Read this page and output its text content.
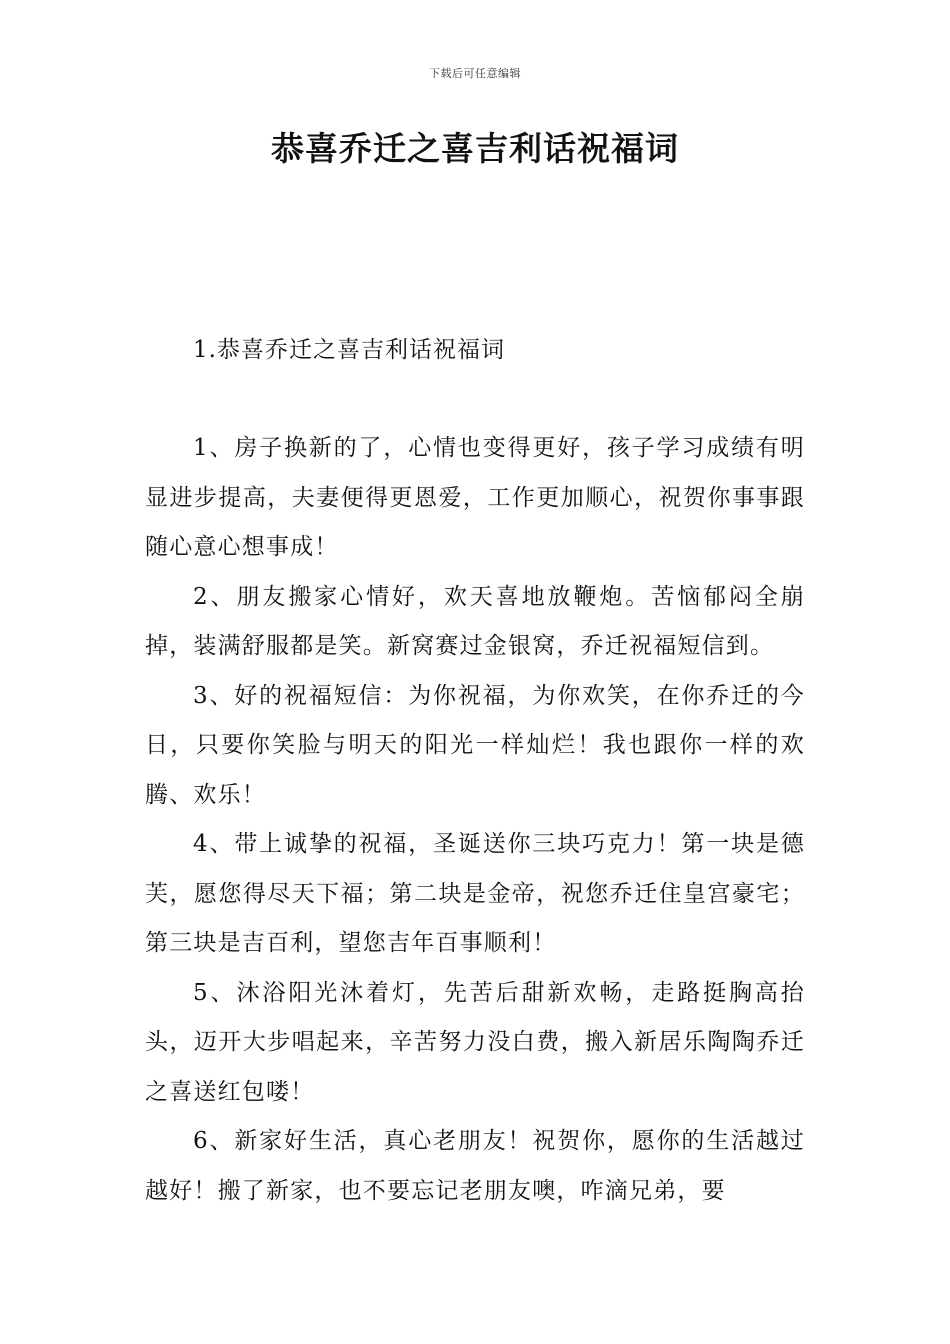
下载后可任意编辑
恭喜乔迁之喜吉利话祝福词
1.恭喜乔迁之喜吉利话祝福词

1、房子换新的了，心情也变得更好，孩子学习成绩有明显进步提高，夫妻便得更恩爱，工作更加顺心，祝贺你事事跟随心意心想事成！

2、朋友搬家心情好，欢天喜地放鞭炮。苦恼郁闷全崩掉，装满舒服都是笑。新窝赛过金银窝，乔迁祝福短信到。

3、好的祝福短信：为你祝福，为你欢笑，在你乔迁的今日，只要你笑脸与明天的阳光一样灿烂！我也跟你一样的欢腾、欢乐！

4、带上诚挚的祝福，圣诞送你三块巧克力！第一块是德芙，愿您得尽天下福；第二块是金帝，祝您乔迁住皇宫豪宅；第三块是吉百利，望您吉年百事顺利！

5、沐浴阳光沐着灯，先苦后甜新欢畅，走路挺胸高抬头，迈开大步唱起来，辛苦努力没白费，搬入新居乐陶陶乔迁之喜送红包喽！

6、新家好生活，真心老朋友！祝贺你，愿你的生活越过越好！搬了新家，也不要忘记老朋友噢，咋滴兄弟，要
